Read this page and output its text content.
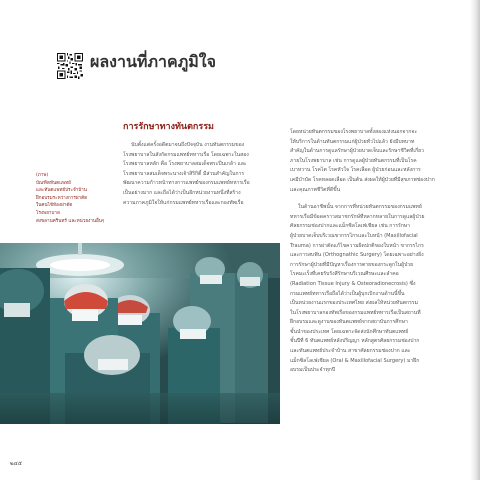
ผลงานที่ภาคภูมิใจ
การรักษาทางทันตกรรม
(ภาพ)
บัณฑิตทันตแพทย์
และทันตแพทย์ประจำบ้าน
ฝึกอบรมระหว่างการผ่าตัด
ในคนไข้ห้องผ่าตัด
โรงพยาบาล
สงขลานครินทร์ และหน่วยงานอื่นๆ
นับตั้งแต่ครั้งอดีตมาจนถึงปัจจุบัน งานทันตกรรมของ
โรงพยาบาลในสังกัดกรมแพทย์ทหารเรือ โดยเฉพาะในสอง
โรงพยาบาลหลัก คือ โรงพยาบาลสมเด็จพระปิ่นเกล้า และ
โรงพยาบาลสมเด็จพระนางเจ้าสิริกิติ์ มีส่วนสำคัญในการ
พัฒนาความก้าวหน้าทางการแพทย์ของกรมแพทย์ทหารเรือ
เป็นอย่างมาก และถือได้ว่าเป็นอีกหน่วยงานหนึ่งที่สร้าง
ความภาคภูมิใจให้แก่กรมแพทย์ทหารเรือและกองทัพเรือ
โดยหน่วยทันตกรรมของโรงพยาบาลทั้งสองแห่งนอกจากจะ
ให้บริการในด้านทันตกรรมแก่ผู้ป่วยทั่วไปแล้ว ยังมีบทบาท
สำคัญในด้านการดูแลรักษาผู้ป่วยบาดเจ็บและรักษาชีวิตที่เกี่ยว
ภายในโรงพยาบาล เช่น การดูแลผู้ป่วยทันตกรรมที่เป็นโรค
เบาหวาน โรคไต โรคหัวใจ โรคเลือด ผู้ป่วยก่อนและหลังการ
เคมีบำบัด โรคหลอดเลือด เป็นต้น ส่งผลให้ผู้ป่วยที่มีสุขภาพช่องปาก
และคุณภาพชีวิตที่ดีขึ้น
ในด้านอาชีพนั้น จากการที่หน่วยทันตกรรมของกรมแพทย์
ทหารเรือมีข้อดคราวสมาชกรักษ์ที่หลากหลายในการดูแลผู้ป่วย
ศัลยกรรมช่องปากและแม็กซิลโลเฟเชียล เช่น การรักษา
ผู้ป่วยบาดเจ็บบริเวณขากรรไกรและใบหน้า (Maxillofacial
Trauma) การผ่าตัดแก้ไขความผิดปกติของใบหน้า ขากรรไกร
และการสบฟัน (Orthognathic Surgery) โดยเฉพาะอย่างยิ่ง
การรักษาผู้ป่วยที่มีปัญหาเรื่องการตายของกระดูกในผู้ป่วย
โรคมะเร็งที่เคยรับรังสีรักษาบริเวณศีรษะและลำคอ
(Radiation Tissue Injury & Osteoradionecrosis) ซึ่ง
กรมแพทย์ทหารเรือถือได้ว่าเป็นผู้บุกเบิกงานด้านนี้ขึ้น
เป็นหน่วยงานแรกของประเทศไทย ส่งผลให้หน่วยทันตกรรม
ในโรงพยาบาลกองทัพเรือของกรมแพทย์ทหารเรือเป็นสถานที่
ฝึกอบรมและดูงานของทันตแพทย์จากสถาบันการศึกษา
ชั้นนำของประเทศ โดยเฉพาะจัดส่งนักศึกษาทันตแพทย์
ชั้นปีที่ 6 ทันตแพทย์หลังปริญญา หลักสูตรศัลยกรรมช่องปาก
และทันตแพทย์ประจำบ้าน สาขาศัลยกรรมช่องปาก และ
แม็กซิลโลเฟเชียล (Oral & Maxillofacial Surgery) มาฝึก
อบรมเป็นประจำทุกปี
๒๔๕
